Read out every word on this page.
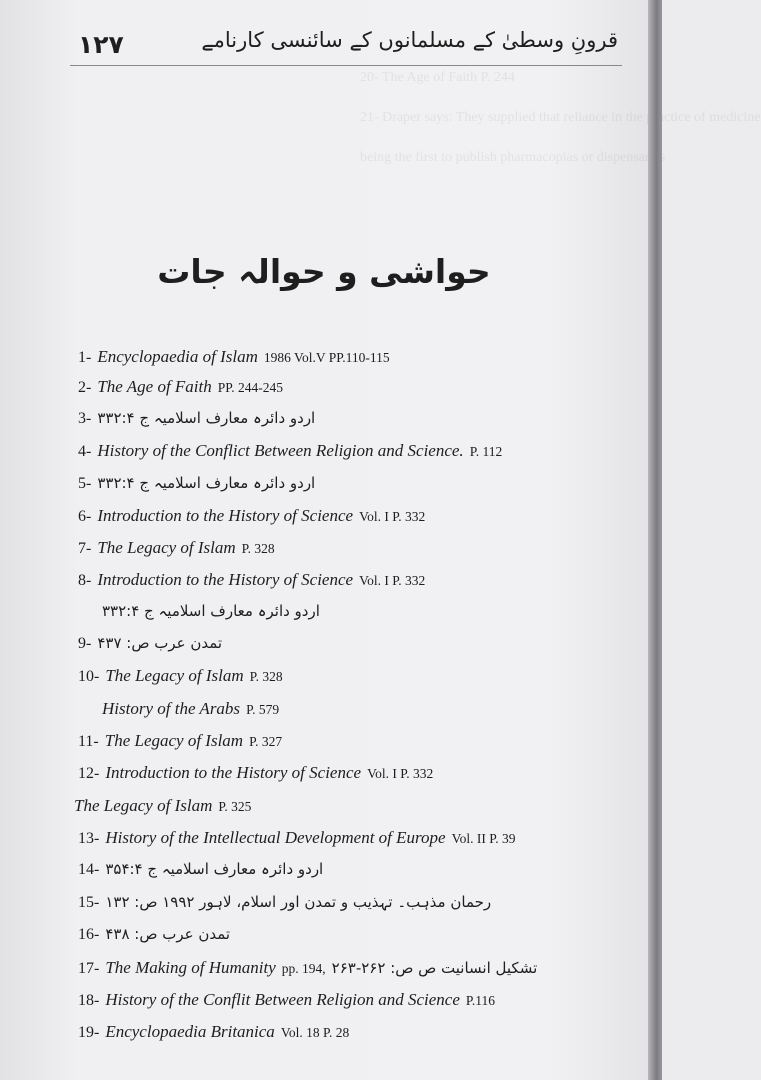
20- The Age of Faith P. 244
21- Draper says: They supplied that reliance in the practice of medicine
being the first to publish pharmacopias or dispensaries
۱۲۷	قرونِ وسطیٰ کے مسلمانوں کے سائنسی کارنامے
حواشی و حوالہ جات
1- Encyclopaedia of Islam 1986 Vol.V PP.110-115
2- The Age of Faith PP. 244-245
3- اردو دائرہ معارف اسلامیہ ج ۳۳۲:۴
4- History of the Conflict Between Religion and Science. P. 112
5- اردو دائرہ معارف اسلامیہ ج ۳۳۲:۴
6- Introduction to the History of Science Vol. I P. 332
7- The Legacy of Islam P. 328
8- Introduction to the History of Science Vol. I P. 332
اردو دائرہ معارف اسلامیہ ج ۳۳۲:۴
9- تمدن عرب ص: ۴۳۷
10- The Legacy of Islam P. 328
History of the Arabs P. 579
11- The Legacy of Islam P. 327
12- Introduction to the History of Science Vol. I P. 332
The Legacy of Islam P. 325
13- History of the Intellectual Development of Europe Vol. II P. 39
14- اردو دائرہ معارف اسلامیہ ج ۳۵۴:۴
15- رحمان مذہب۔ تہذیب و تمدن اور اسلام، لاہور ۱۹۹۲ ص: ۱۳۲
16- تمدن عرب ص: ۴۳۸
17- The Making of Humanity pp. 194, تشکیل انسانیت ص ص: ۲۶۲-۲۶۳
18- History of the Conflit Between Religion and Science P.116
19- Encyclopaedia Britanica Vol. 18 P. 28
